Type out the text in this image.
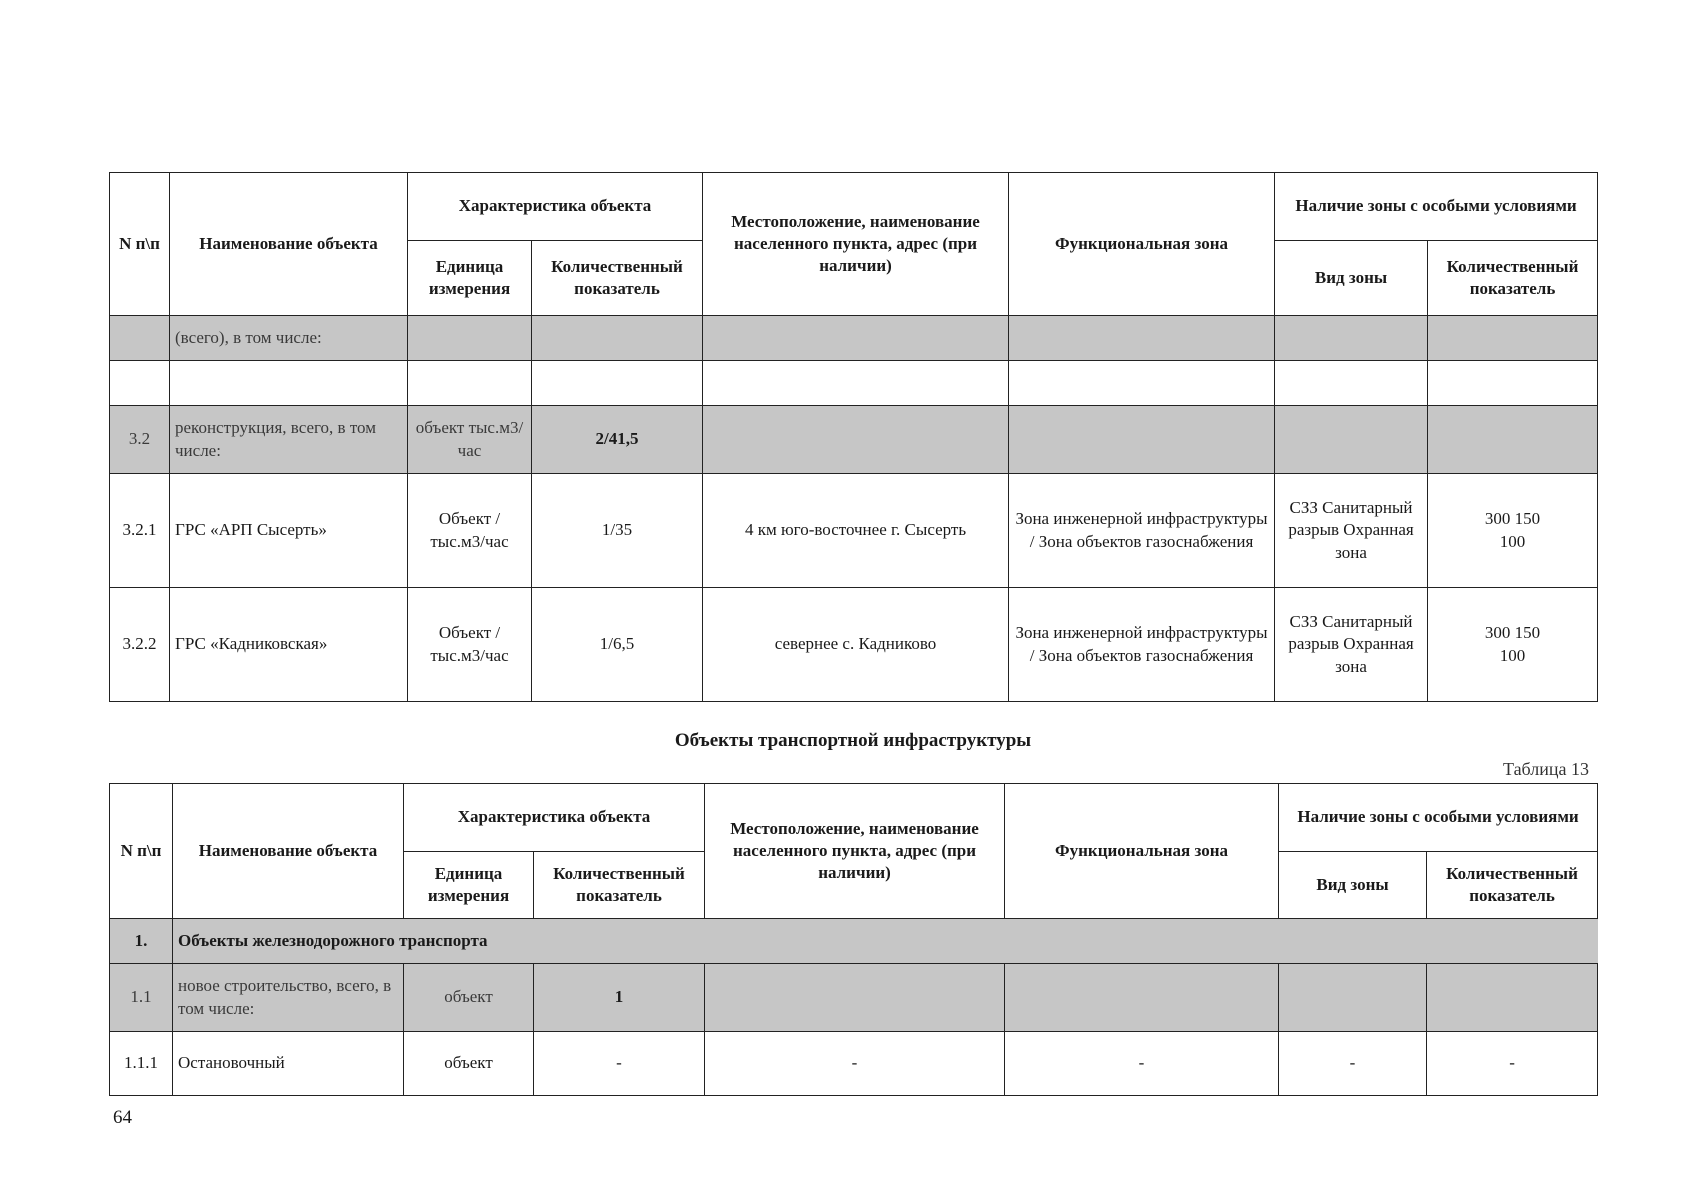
N п\п	Наименование объекта	Характеристика объекта		Местоположение, наименование населенного пункта, адрес (при наличии)	Функциональная зона	Наличие зоны с особыми условиями	
		Единица измерения	Количественный показатель			Вид зоны	Количественный показатель
	(всего), в том числе:						

3.2	реконструкция, всего, в том числе:	объект тыс.м3/час	2/41,5				
3.2.1	ГРС «АРП Сысерть»	Объект /тыс.м3/час	1/35	4 км юго-восточнее г. Сысерть	Зона инженерной инфраструктуры / Зона объектов газоснабжения	СЗЗ Санитарный разрыв Охранная зона	300 150 100
3.2.2	ГРС «Кадниковская»	Объект /тыс.м3/час	1/6,5	севернее с. Кадниково	Зона инженерной инфраструктуры / Зона объектов газоснабжения	СЗЗ Санитарный разрыв Охранная зона	300 150 100
Объекты транспортной инфраструктуры
Таблица 13
N п\п	Наименование объекта	Характеристика объекта		Местоположение, наименование населенного пункта, адрес (при наличии)	Функциональная зона	Наличие зоны с особыми условиями	
		Единица измерения	Количественный показатель			Вид зоны	Количественный показатель
1.	Объекты железнодорожного транспорта						
1.1	новое строительство, всего, в том числе:	объект	1				
1.1.1	Остановочный	объект	-	-	-	-	-
64
